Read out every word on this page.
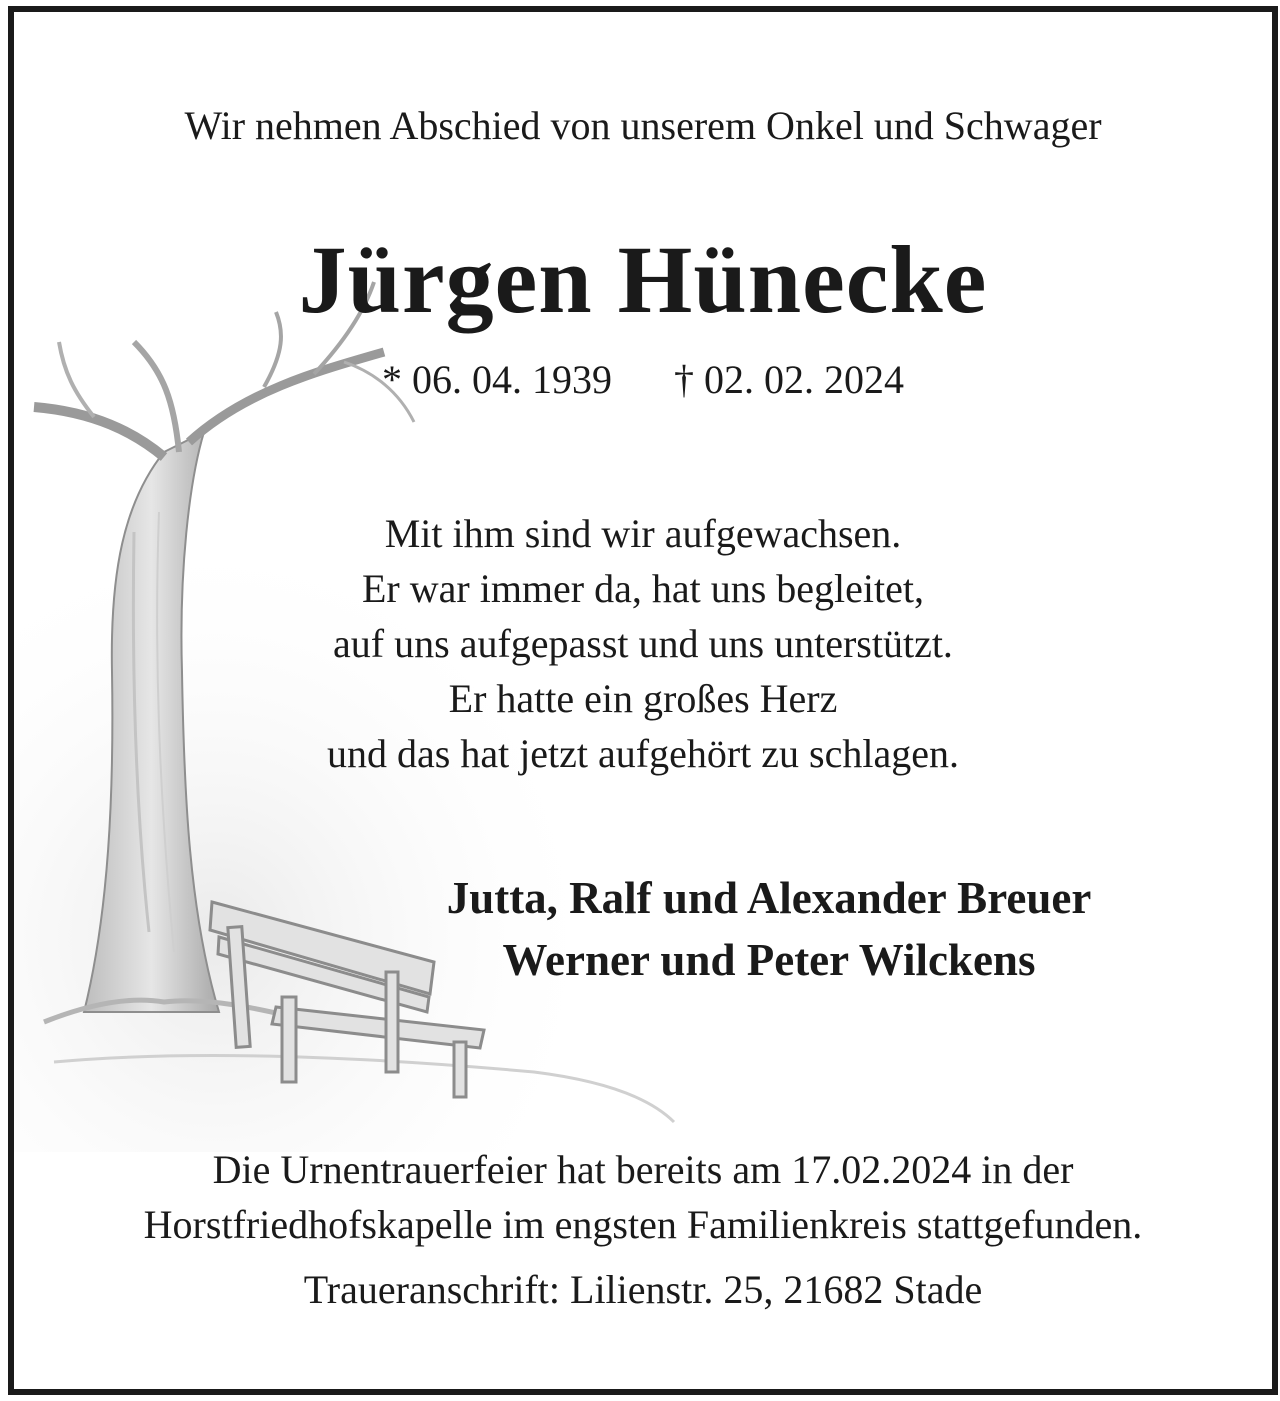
Wir nehmen Abschied von unserem Onkel und Schwager
Jürgen Hünecke
* 06. 04. 1939 † 02. 02. 2024
Mit ihm sind wir aufgewachsen.
Er war immer da, hat uns begleitet,
auf uns aufgepasst und uns unterstützt.
Er hatte ein großes Herz
und das hat jetzt aufgehört zu schlagen.
Jutta, Ralf und Alexander Breuer
Werner und Peter Wilckens
Die Urnentrauerfeier hat bereits am 17.02.2024 in der
Horstfriedhofskapelle im engsten Familienkreis stattgefunden.
Traueranschrift: Lilienstr. 25, 21682 Stade
